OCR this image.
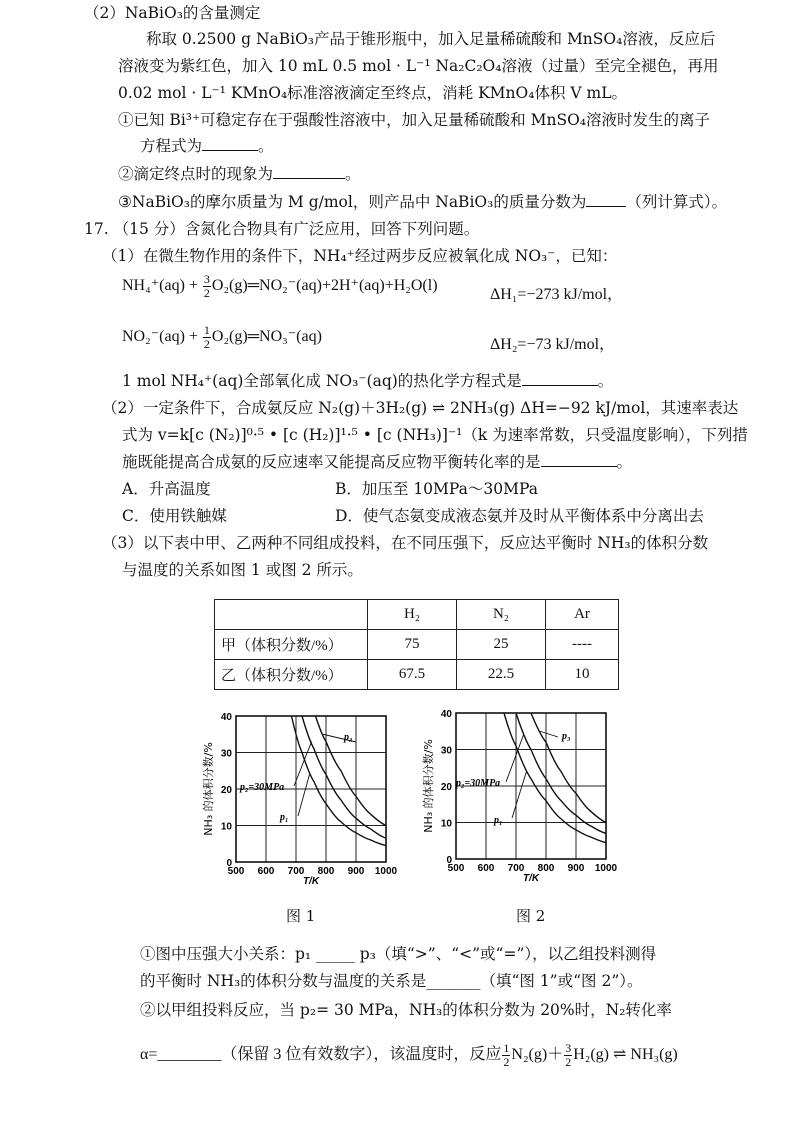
（2）NaBiO₃的含量测定
称取 0.2500 g NaBiO₃产品于锥形瓶中，加入足量稀硫酸和 MnSO₄溶液，反应后
溶液变为紫红色，加入 10 mL 0.5 mol · L⁻¹ Na₂C₂O₄溶液（过量）至完全褪色，再用
0.02 mol · L⁻¹ KMnO₄标准溶液滴定至终点，消耗 KMnO₄体积 V mL。
①已知 Bi³⁺可稳定存在于强酸性溶液中，加入足量稀硫酸和 MnSO₄溶液时发生的离子
方程式为	。
②滴定终点时的现象为	。
③NaBiO₃的摩尔质量为 M g/mol，则产品中 NaBiO₃的质量分数为	（列计算式）。
17. （15 分）含氮化合物具有广泛应用，回答下列问题。
（1）在微生物作用的条件下，NH₄⁺经过两步反应被氧化成 NO₃⁻，已知：
$NH_4^+(aq) + \frac{3}{2}$ O₂(g)═NO₂⁻(aq)+2H⁺(aq)+H₂O(l)
ΔH₁=−273 kJ/mol，
$NO_2^-(aq) + \frac{1}{2}$ O₂(g)═NO₃⁻(aq)	ΔH₂=−73 kJ/mol，
1 mol NH₄⁺(aq)全部氧化成 NO₃⁻(aq)的热化学方程式是	。
（2）一定条件下，合成氨反应 N₂(g)＋3H₂(g) ⇌ 2NH₃(g) ΔH=−92 kJ/mol，其速率表达
式为 v=k[c (N₂)]⁰·⁵ • [c (H₂)]¹·⁵ • [c (NH₃)]⁻¹（k 为速率常数，只受温度影响），下列措
施既能提高合成氨的反应速率又能提高反应物平衡转化率的是	。
A．升高温度	B．加压至 10MPa～30MPa
C．使用铁触媒	D．使气态氨变成液态氨并及时从平衡体系中分离出去
（3）以下表中甲、乙两种不同组成投料，在不同压强下，反应达平衡时 NH₃的体积分数
与温度的关系如图 1 或图 2 所示。
	H₂	N₂	Ar
甲（体积分数/%）	75	25	----
乙（体积分数/%）	67.5	22.5	10
500 600 700 800 900 1000
0
10
20
30
40
T/K
NH₃ 的体积分数/%	p₁
p₂=30MPa
p₃
500 600 700 800 900 1000
0
10
20
30
40
T/K
NH₃ 的体积分数/%	p₁
p₂=30MPa
p₃
图 1	图 2
①图中压强大小关系：p₁ _____ p₃（填“>”、“<”或“=”），以乙组投料测得
的平衡时 NH₃的体积分数与温度的关系是_______（填“图 1”或“图 2”）。
②以甲组投料反应，当 p₂= 30 MPa，NH₃的体积分数为 20%时，N₂转化率
α=________（保留 3 位有效数字），该温度时，反应 $\frac{1}{2} N_2(g)+ \frac{3}{2} H_2(g)$ ⇌ NH₃(g)
